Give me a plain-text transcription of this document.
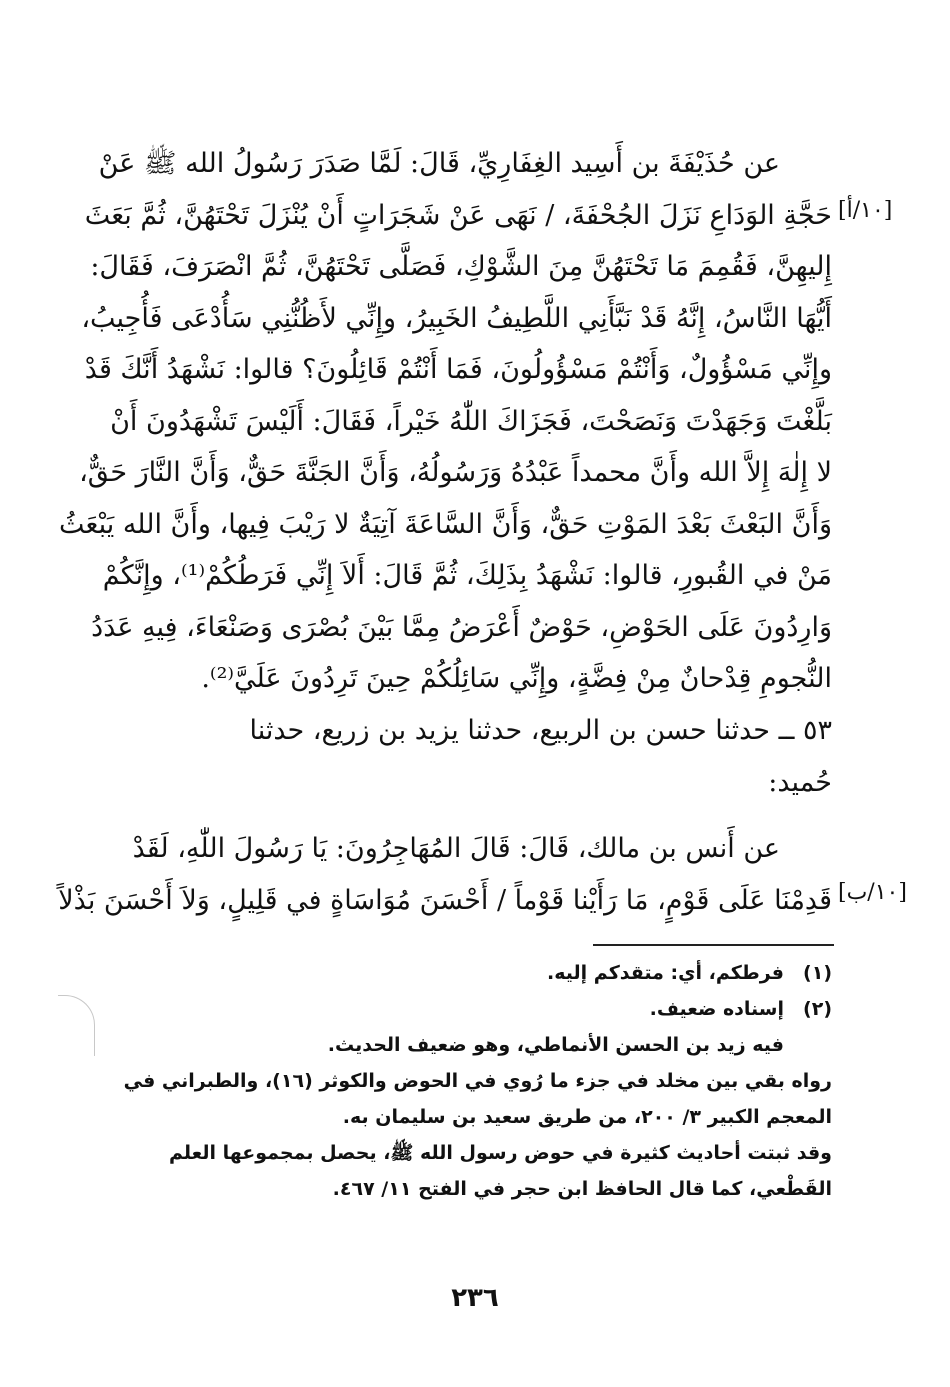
عن حُذَيْفَةَ بن أَسِيد الغِفَارِيِّ، قَالَ: لَمَّا صَدَرَ رَسُولُ الله ﷺ عَنْ
حَجَّةِ الوَدَاعِ نَزَلَ الجُحْفَةَ، / نَهَى عَنْ شَجَرَاتٍ أَنْ يُنْزَلَ تَحْتَهُنَّ، ثُمَّ بَعَثَ
إِليهِنَّ، فَقُمِمَ مَا تَحْتَهُنَّ مِنَ الشَّوْكِ، فَصَلَّى تَحْتَهُنَّ، ثُمَّ انْصَرَفَ، فَقَالَ:
أَيُّهَا النَّاسُ، إِنَّهُ قَدْ نَبَّأَنِي اللَّطِيفُ الخَبِيرُ، وإِنِّي لأَظُنُّنِي سَأُدْعَى فَأُجِيبُ،
وإِنِّي مَسْؤُولٌ، وَأَنْتُمْ مَسْؤُولُونَ، فَمَا أَنْتُمْ قَائِلُونَ؟ قالوا: نَشْهَدُ أَنَّكَ قَدْ
بَلَّغْتَ وَجَهَدْتَ وَنَصَحْتَ، فَجَزَاكَ اللّٰهُ خَيْراً، فَقَالَ: أَلَيْسَ تَشْهَدُونَ أَنْ
لا إِلٰهَ إِلاَّ الله وأَنَّ محمداً عَبْدُهُ وَرَسُولُهُ، وَأَنَّ الجَنَّةَ حَقٌّ، وَأَنَّ النَّارَ حَقٌّ،
وَأَنَّ البَعْثَ بَعْدَ المَوْتِ حَقٌّ، وَأَنَّ السَّاعَةَ آتِيَةٌ لا رَيْبَ فِيها، وأَنَّ الله يَبْعَثُ
مَنْ في القُبورِ، قالوا: نَشْهَدُ بِذَلِكَ، ثُمَّ قَالَ: أَلاَ إِنِّي فَرَطُكُمْ⁽¹⁾، وإِنَّكُمْ
وَارِدُونَ عَلَى الحَوْضِ، حَوْضٌ أَعْرَضُ مِمَّا بَيْنَ بُصْرَى وَصَنْعَاءَ، فِيهِ عَدَدُ
النُّجومِ قِدْحانٌ مِنْ فِضَّةٍ، وإِنِّي سَائِلُكُمْ حِينَ تَرِدُونَ عَلَيَّ⁽²⁾.
[١٠/أ]
٥٣ ــ حدثنا حسن بن الربيع، حدثنا يزيد بن زريع، حدثنا
حُميد:
عن أَنس بن مالك، قَالَ: قَالَ المُهَاجِرُونَ: يَا رَسُولَ اللّٰهِ، لَقَدْ
قَدِمْنَا عَلَى قَوْمٍ، مَا رَأَيْنا قَوْماً / أَحْسَنَ مُوَاسَاةٍ في قَلِيلٍ، وَلاَ أَحْسَنَ بَذْلاً [١٠/ب]
(١)فرطكم، أي: متقدكم إليه.
(٢)إسناده ضعيف.
فيه زيد بن الحسن الأنماطي، وهو ضعيف الحديث.
رواه بقي بين مخلد في جزء ما رُوي في الحوض والكوثر (١٦)، والطبراني في
المعجم الكبير ٣/ ٢٠٠، من طريق سعيد بن سليمان به.
وقد ثبتت أحاديث كثيرة في حوض رسول الله ﷺ، يحصل بمجموعها العلم
القَطْعي، كما قال الحافظ ابن حجر في الفتح ١١/ ٤٦٧.
٢٣٦
